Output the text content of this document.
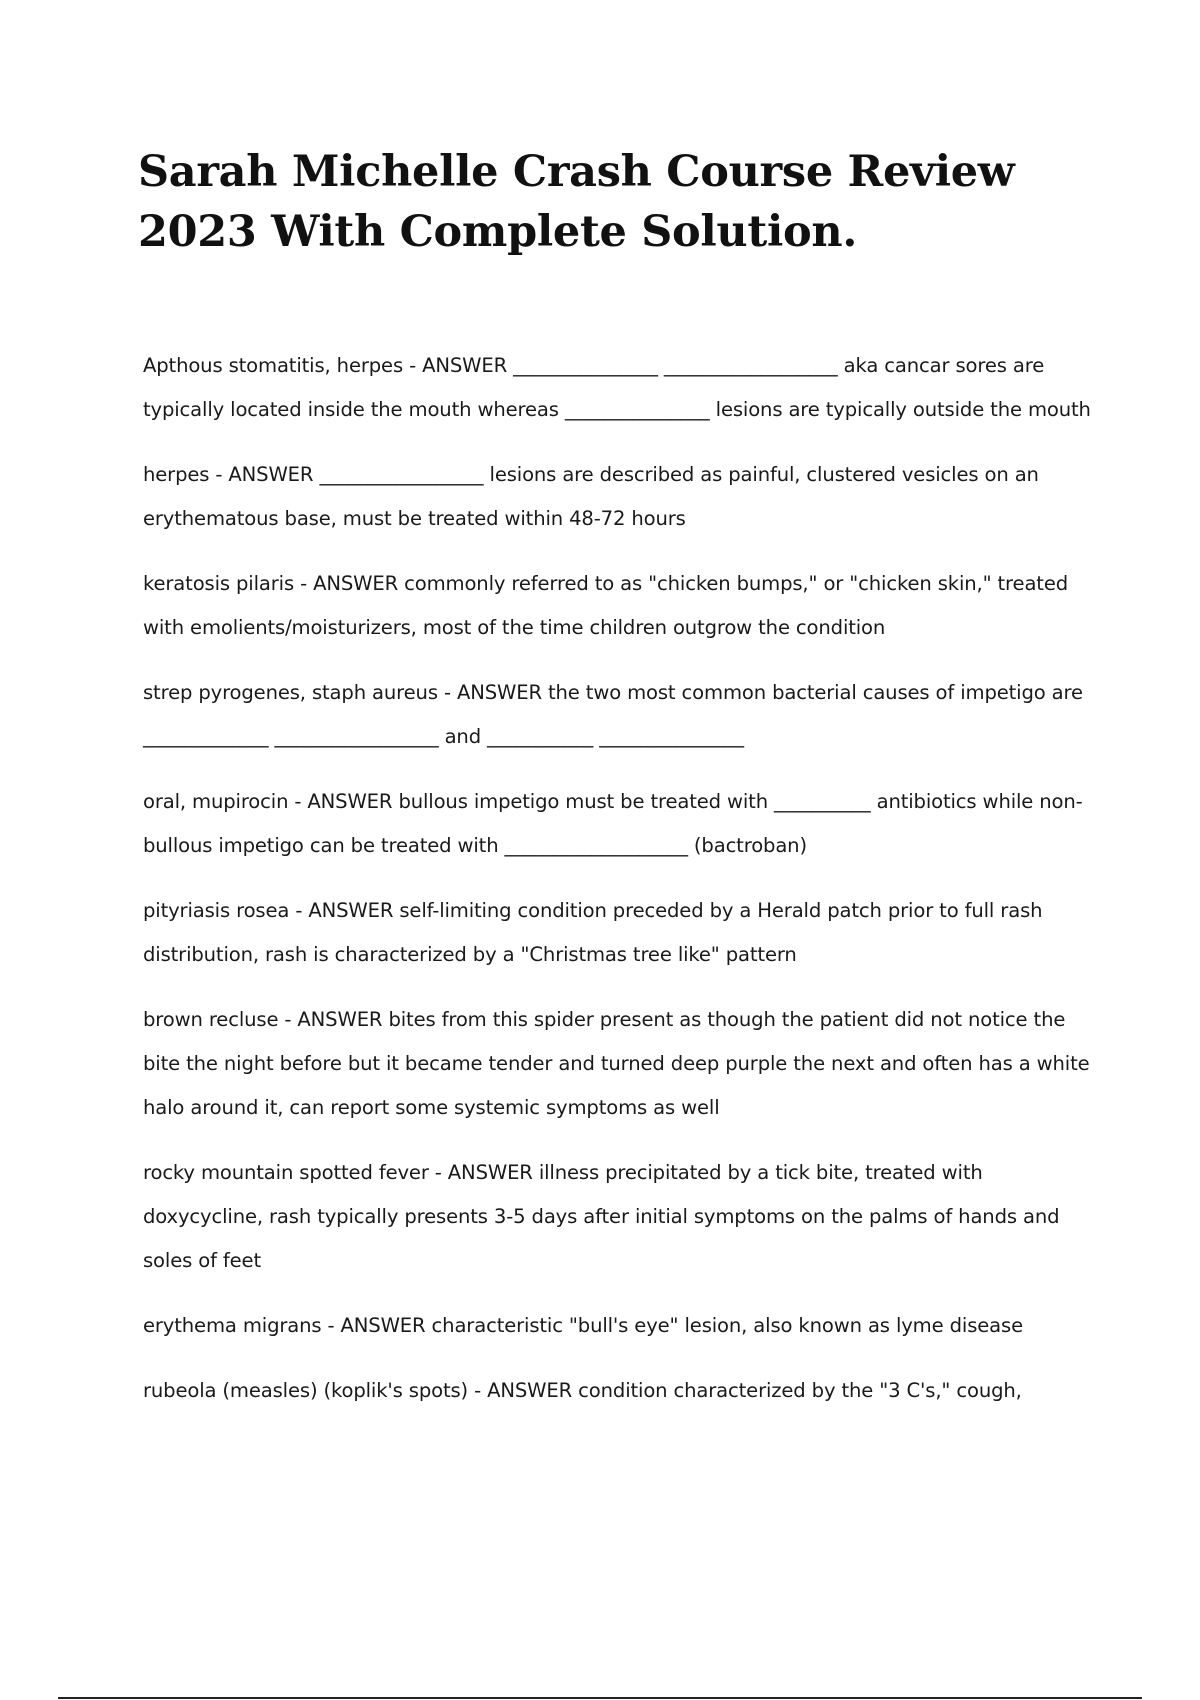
Sarah Michelle Crash Course Review 2023 With Complete Solution.

Apthous stomatitis, herpes - ANSWER _______________ __________________ aka cancar sores are typically located inside the mouth whereas _______________ lesions are typically outside the mouth

herpes - ANSWER _________________ lesions are described as painful, clustered vesicles on an erythematous base, must be treated within 48-72 hours

keratosis pilaris - ANSWER commonly referred to as "chicken bumps," or "chicken skin," treated with emolients/moisturizers, most of the time children outgrow the condition

strep pyrogenes, staph aureus - ANSWER the two most common bacterial causes of impetigo are _____________ _________________ and ___________ _______________

oral, mupirocin - ANSWER bullous impetigo must be treated with __________ antibiotics while non-bullous impetigo can be treated with ___________________ (bactroban)

pityriasis rosea - ANSWER self-limiting condition preceded by a Herald patch prior to full rash distribution, rash is characterized by a "Christmas tree like" pattern

brown recluse - ANSWER bites from this spider present as though the patient did not notice the bite the night before but it became tender and turned deep purple the next and often has a white halo around it, can report some systemic symptoms as well

rocky mountain spotted fever - ANSWER illness precipitated by a tick bite, treated with doxycycline, rash typically presents 3-5 days after initial symptoms on the palms of hands and soles of feet

erythema migrans - ANSWER characteristic "bull's eye" lesion, also known as lyme disease

rubeola (measles) (koplik's spots) - ANSWER condition characterized by the "3 C's," cough,
